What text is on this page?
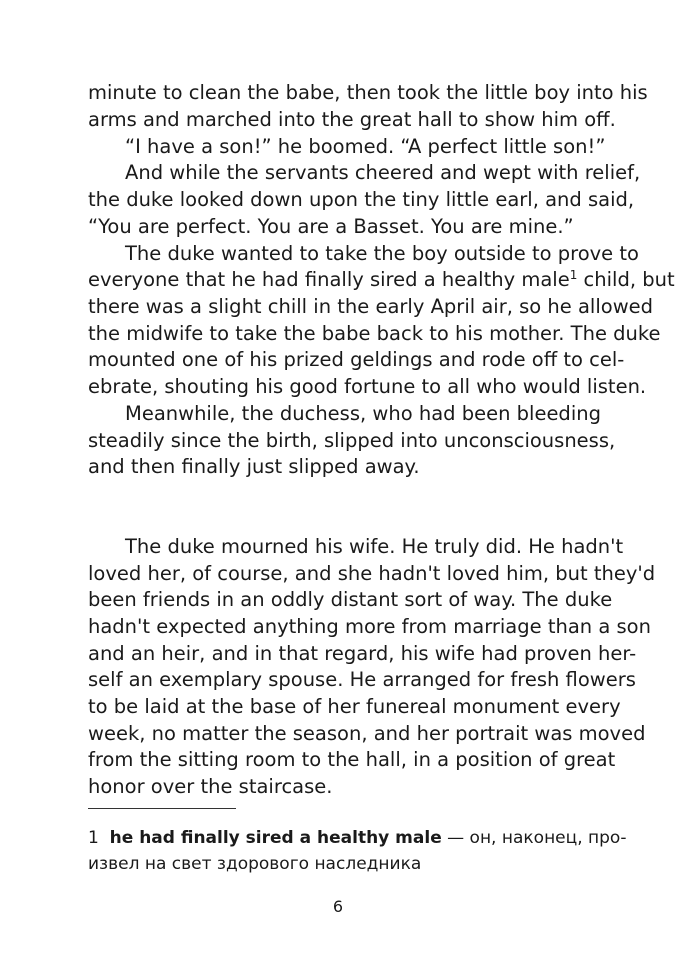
minute to clean the babe, then took the little boy into his
arms and marched into the great hall to show him off.
“I have a son!” he boomed. “A perfect little son!”
And while the servants cheered and wept with relief,
the duke looked down upon the tiny little earl, and said,
“You are perfect. You are a Basset. You are mine.”
The duke wanted to take the boy outside to prove to
everyone that he had finally sired a healthy male$^1$ child, but
there was a slight chill in the early April air, so he allowed
the midwife to take the babe back to his mother. The duke
mounted one of his prized geldings and rode off to cel-
ebrate, shouting his good fortune to all who would listen.
Meanwhile, the duchess, who had been bleeding
steadily since the birth, slipped into unconsciousness,
and then finally just slipped away.
The duke mourned his wife. He truly did. He hadn't
loved her, of course, and she hadn't loved him, but they'd
been friends in an oddly distant sort of way. The duke
hadn't expected anything more from marriage than a son
and an heir, and in that regard, his wife had proven her-
self an exemplary spouse. He arranged for fresh flowers
to be laid at the base of her funereal monument every
week, no matter the season, and her portrait was moved
from the sitting room to the hall, in a position of great
honor over the staircase.
1 he had finally sired a healthy male — он, наконец, про-
извел на свет здорового наследника
6
